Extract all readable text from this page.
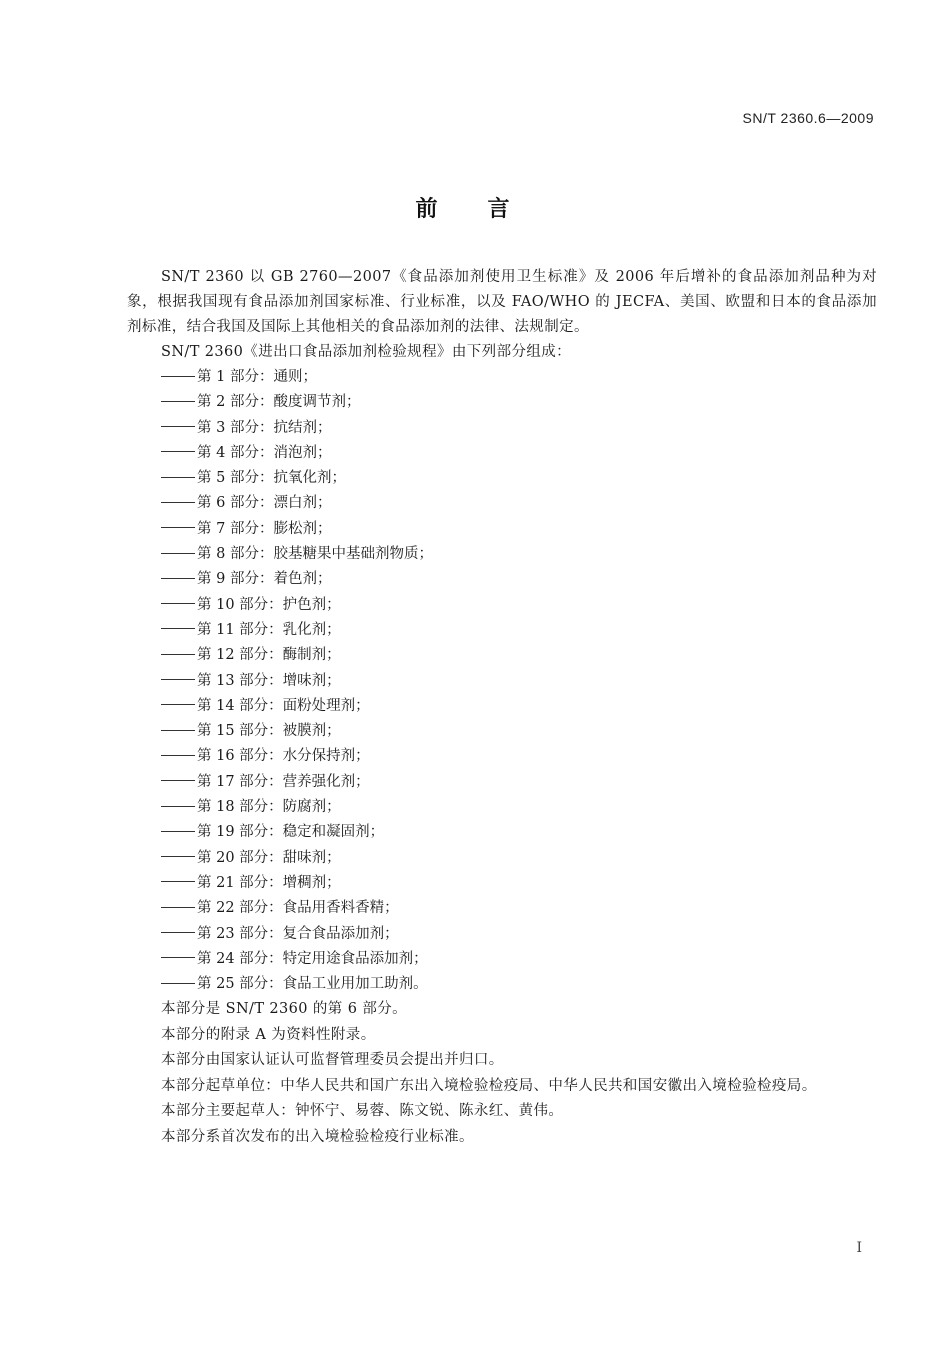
SN/T 2360.6—2009
前言

SN/T 2360 以 GB 2760—2007《食品添加剂使用卫生标准》及 2006 年后增补的食品添加剂品种为对象，根据我国现有食品添加剂国家标准、行业标准，以及 FAO/WHO 的 JECFA、美国、欧盟和日本的食品添加剂标准，结合我国及国际上其他相关的食品添加剂的法律、法规制定。

SN/T 2360《进出口食品添加剂检验规程》由下列部分组成：

第 1 部分：通则；
第 2 部分：酸度调节剂；
第 3 部分：抗结剂；
第 4 部分：消泡剂；
第 5 部分：抗氧化剂；
第 6 部分：漂白剂；
第 7 部分：膨松剂；
第 8 部分：胶基糖果中基础剂物质；
第 9 部分：着色剂；
第 10 部分：护色剂；
第 11 部分：乳化剂；
第 12 部分：酶制剂；
第 13 部分：增味剂；
第 14 部分：面粉处理剂；
第 15 部分：被膜剂；
第 16 部分：水分保持剂；
第 17 部分：营养强化剂；
第 18 部分：防腐剂；
第 19 部分：稳定和凝固剂；
第 20 部分：甜味剂；
第 21 部分：增稠剂；
第 22 部分：食品用香料香精；
第 23 部分：复合食品添加剂；
第 24 部分：特定用途食品添加剂；
第 25 部分：食品工业用加工助剂。

本部分是 SN/T 2360 的第 6 部分。

本部分的附录 A 为资料性附录。

本部分由国家认证认可监督管理委员会提出并归口。

本部分起草单位：中华人民共和国广东出入境检验检疫局、中华人民共和国安徽出入境检验检疫局。

本部分主要起草人：钟怀宁、易蓉、陈文锐、陈永红、黄伟。

本部分系首次发布的出入境检验检疫行业标准。

I
